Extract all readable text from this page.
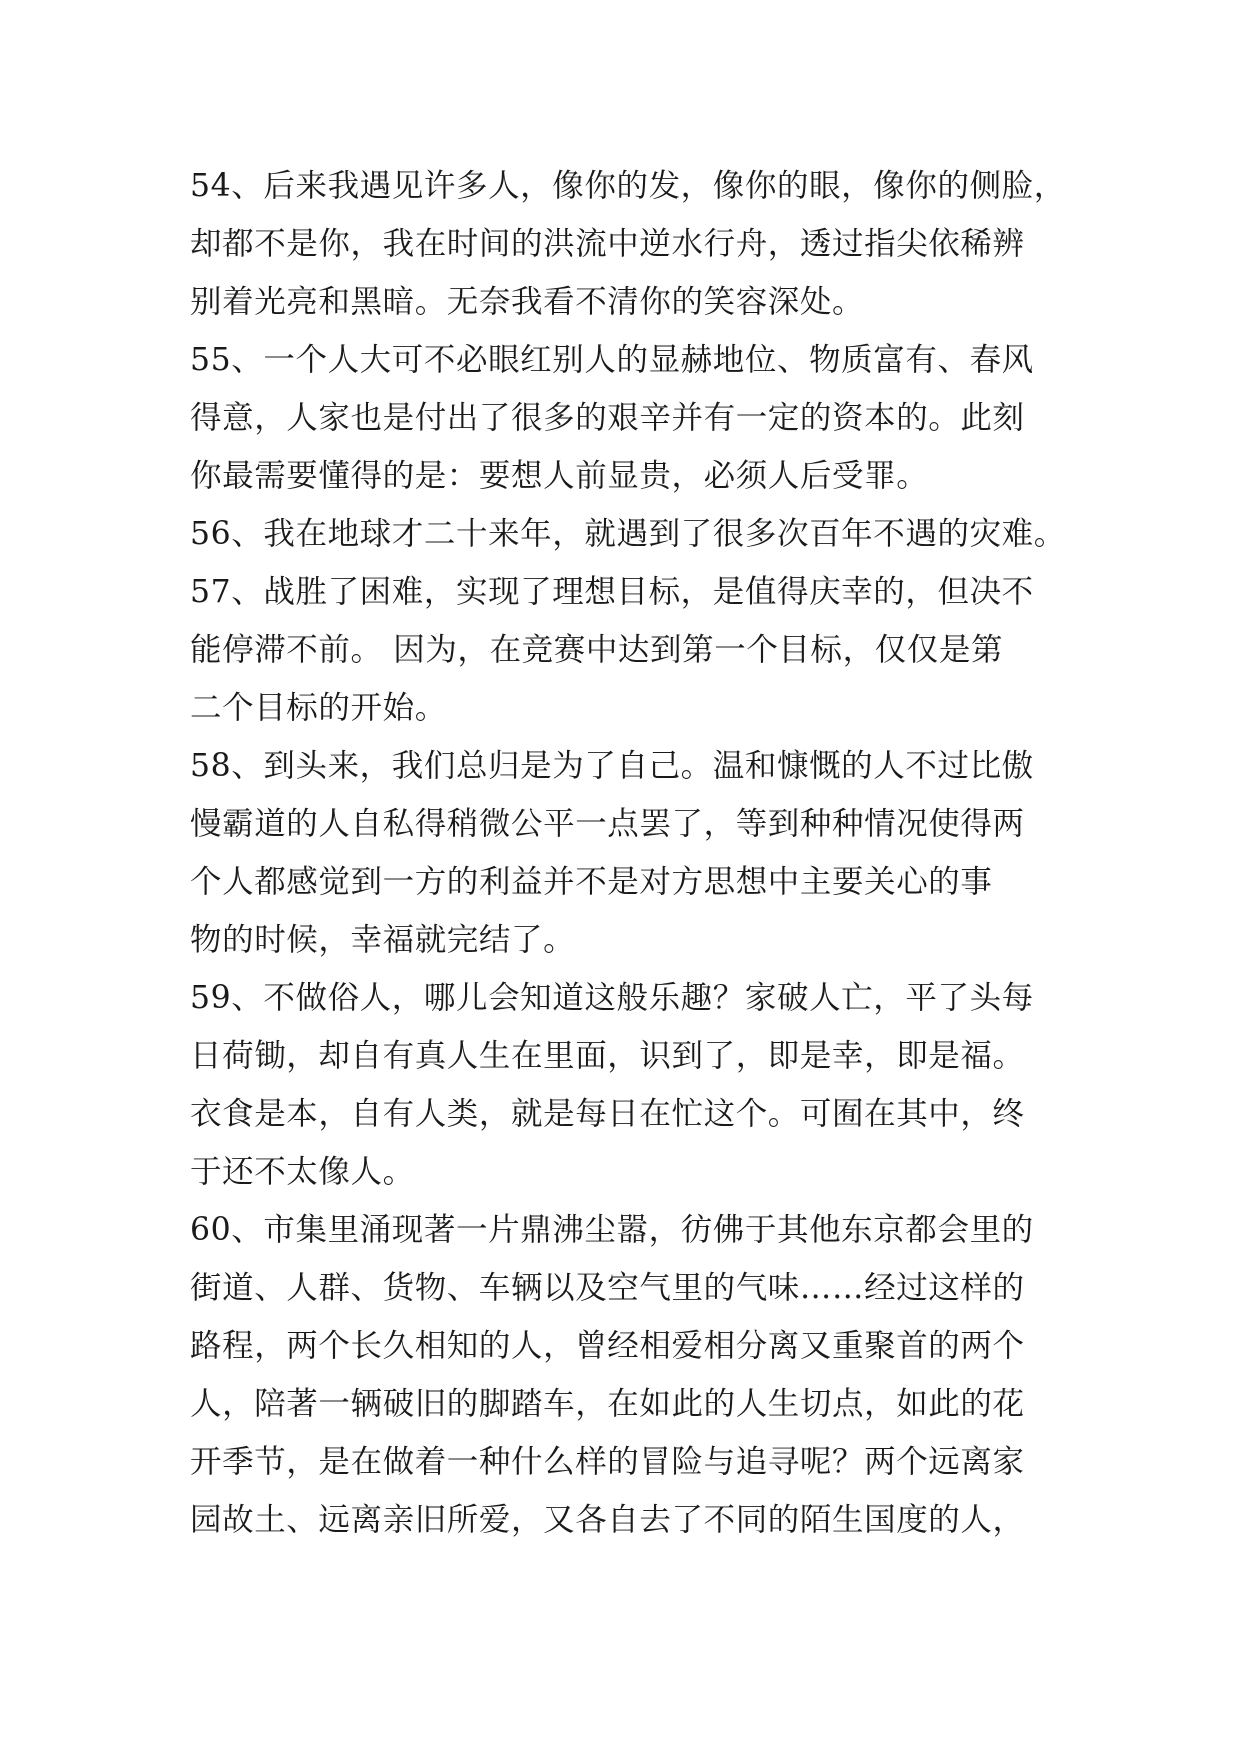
54、后来我遇见许多人，像你的发，像你的眼，像你的侧脸，
却都不是你，我在时间的洪流中逆水行舟，透过指尖依稀辨
别着光亮和黑暗。无奈我看不清你的笑容深处。
55、一个人大可不必眼红别人的显赫地位、物质富有、春风
得意，人家也是付出了很多的艰辛并有一定的资本的。此刻
你最需要懂得的是：要想人前显贵，必须人后受罪。
56、我在地球才二十来年，就遇到了很多次百年不遇的灾难。
57、战胜了困难，实现了理想目标，是值得庆幸的，但决不
能停滞不前。 因为，在竞赛中达到第一个目标，仅仅是第
二个目标的开始。
58、到头来，我们总归是为了自己。温和慷慨的人不过比傲
慢霸道的人自私得稍微公平一点罢了，等到种种情况使得两
个人都感觉到一方的利益并不是对方思想中主要关心的事
物的时候，幸福就完结了。
59、不做俗人，哪儿会知道这般乐趣？家破人亡，平了头每
日荷锄，却自有真人生在里面，识到了，即是幸，即是福。
衣食是本，自有人类，就是每日在忙这个。可囿在其中，终
于还不太像人。
60、市集里涌现著一片鼎沸尘嚣，彷佛于其他东京都会里的
街道、人群、货物、车辆以及空气里的气味……经过这样的
路程，两个长久相知的人，曾经相爱相分离又重聚首的两个
人，陪著一辆破旧的脚踏车，在如此的人生切点，如此的花
开季节，是在做着一种什么样的冒险与追寻呢？两个远离家
园故土、远离亲旧所爱，又各自去了不同的陌生国度的人，
